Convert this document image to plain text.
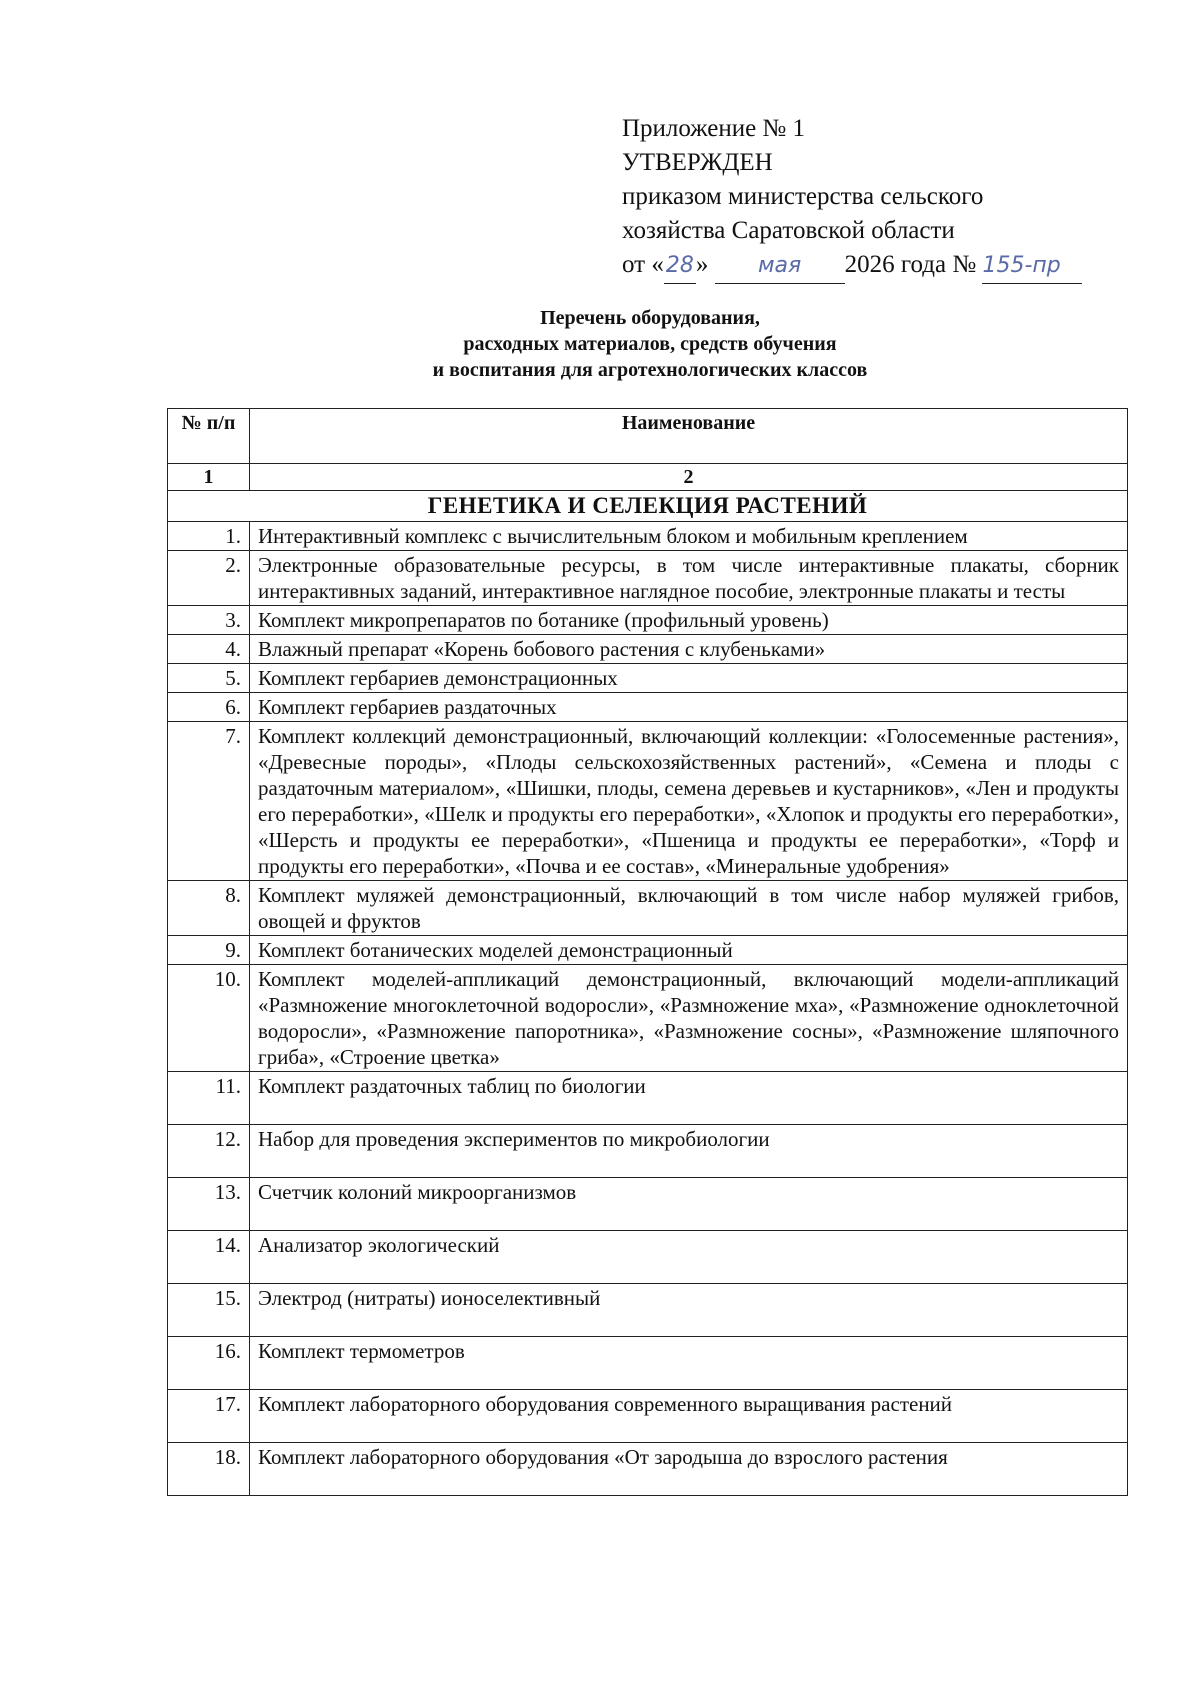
Приложение № 1
УТВЕРЖДЕН
приказом министерства сельского
хозяйства Саратовской области
от «28» мая 2026 года № 155-пр
Перечень оборудования,
расходных материалов, средств обучения
и воспитания для агротехнологических классов
№ п/п	Наименование
1	2
ГЕНЕТИКА И СЕЛЕКЦИЯ РАСТЕНИЙ	
1.	Интерактивный комплекс с вычислительным блоком и мобильным креплением
2.	Электронные образовательные ресурсы, в том числе интерактивные плакаты, сборник интерактивных заданий, интерактивное наглядное пособие, электронные плакаты и тесты
3.	Комплект микропрепаратов по ботанике (профильный уровень)
4.	Влажный препарат «Корень бобового растения с клубеньками»
5.	Комплект гербариев демонстрационных
6.	Комплект гербариев раздаточных
7.	Комплект коллекций демонстрационный, включающий коллекции: «Голосеменные растения», «Древесные породы», «Плоды сельскохозяйственных растений», «Семена и плоды с раздаточным материалом», «Шишки, плоды, семена деревьев и кустарников», «Лен и продукты его переработки», «Шелк и продукты его переработки», «Хлопок и продукты его переработки», «Шерсть и продукты ее переработки», «Пшеница и продукты ее переработки», «Торф и продукты его переработки», «Почва и ее состав», «Минеральные удобрения»
8.	Комплект муляжей демонстрационный, включающий в том числе набор муляжей грибов, овощей и фруктов
9.	Комплект ботанических моделей демонстрационный
10.	Комплект моделей-аппликаций демонстрационный, включающий модели-аппликаций «Размножение многоклеточной водоросли», «Размножение мха», «Размножение одноклеточной водоросли», «Размножение папоротника», «Размножение сосны», «Размножение шляпочного гриба», «Строение цветка»
11.	Комплект раздаточных таблиц по биологии
12.	Набор для проведения экспериментов по микробиологии
13.	Счетчик колоний микроорганизмов
14.	Анализатор экологический
15.	Электрод (нитраты) ионоселективный
16.	Комплект термометров
17.	Комплект лабораторного оборудования современного выращивания растений
18.	Комплект лабораторного оборудования «От зародыша до взрослого растения
